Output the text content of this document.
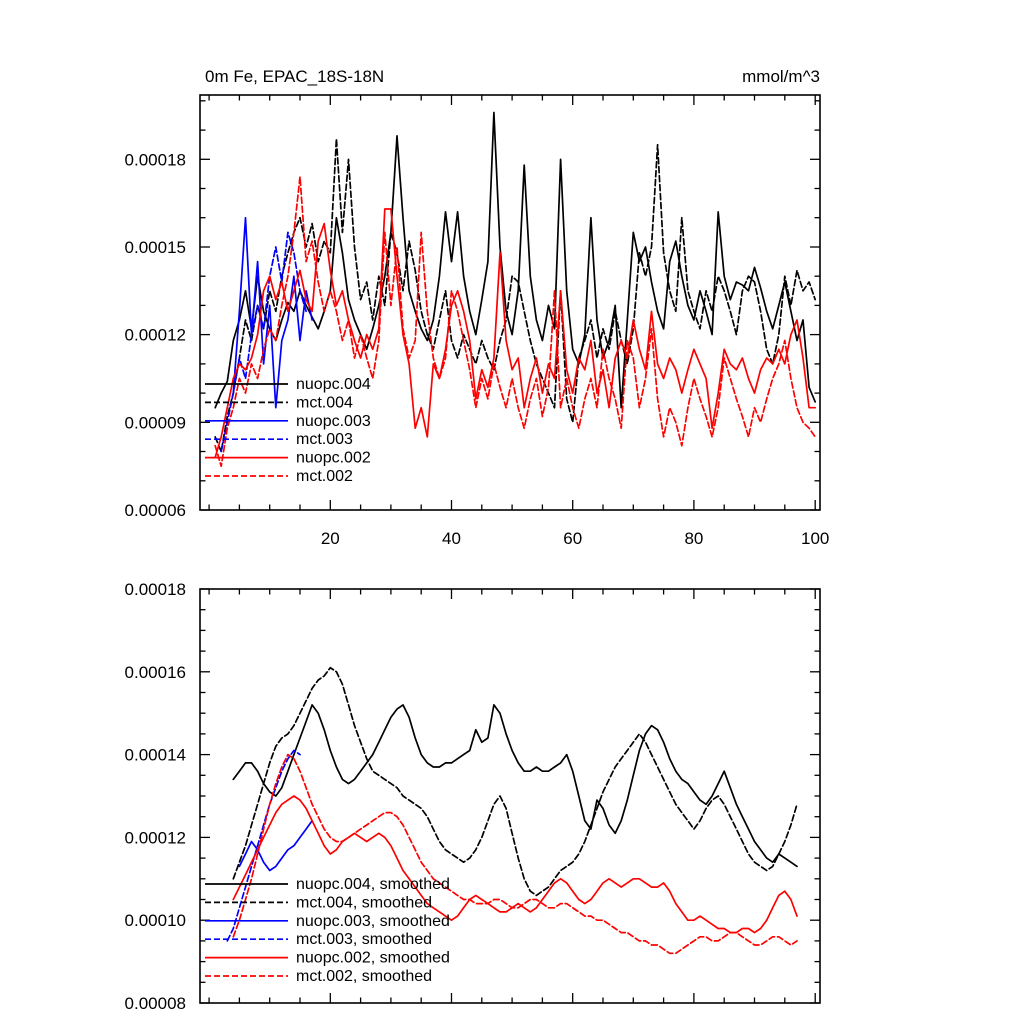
0m Fe, EPAC_18S-18N	mmol/m^3
20	40	60	80	100
0.00006
0.00009
0.00012
0.00015
0.00018
nuopc.004
mct.004
nuopc.003
mct.003
nuopc.002
mct.002
0.00008
0.00010
0.00012
0.00014
0.00016
0.00018
nuopc.004, smoothed
mct.004, smoothed
nuopc.003, smoothed
mct.003, smoothed
nuopc.002, smoothed
mct.002, smoothed
